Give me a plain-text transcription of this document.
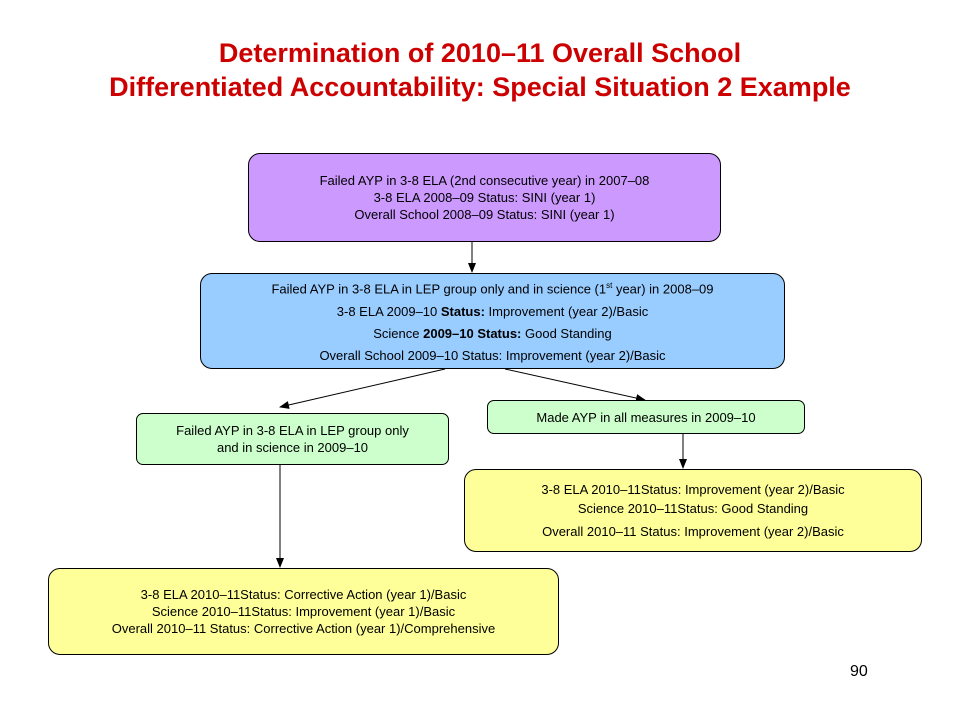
Determination of 2010–11 Overall School
Differentiated Accountability: Special Situation 2 Example
Failed AYP in 3-8 ELA (2nd consecutive year) in 2007–08
3-8 ELA 2008–09 Status: SINI (year 1)
Overall School 2008–09 Status: SINI (year 1)
Failed AYP in 3-8 ELA in LEP group only and in science (1st year) in 2008–09
3-8 ELA 2009–10 Status: Improvement (year 2)/Basic
Science 2009–10 Status: Good Standing
Overall School 2009–10 Status: Improvement (year 2)/Basic
Failed AYP in 3-8 ELA in LEP group only
and in science in 2009–10
Made AYP in all measures in 2009–10
3-8 ELA 2010–11Status: Improvement (year 2)/Basic
Science 2010–11Status: Good Standing
Overall 2010–11 Status: Improvement (year 2)/Basic
3-8 ELA 2010–11Status: Corrective Action (year 1)/Basic
Science 2010–11Status: Improvement (year 1)/Basic
Overall 2010–11 Status: Corrective Action (year 1)/Comprehensive
90
